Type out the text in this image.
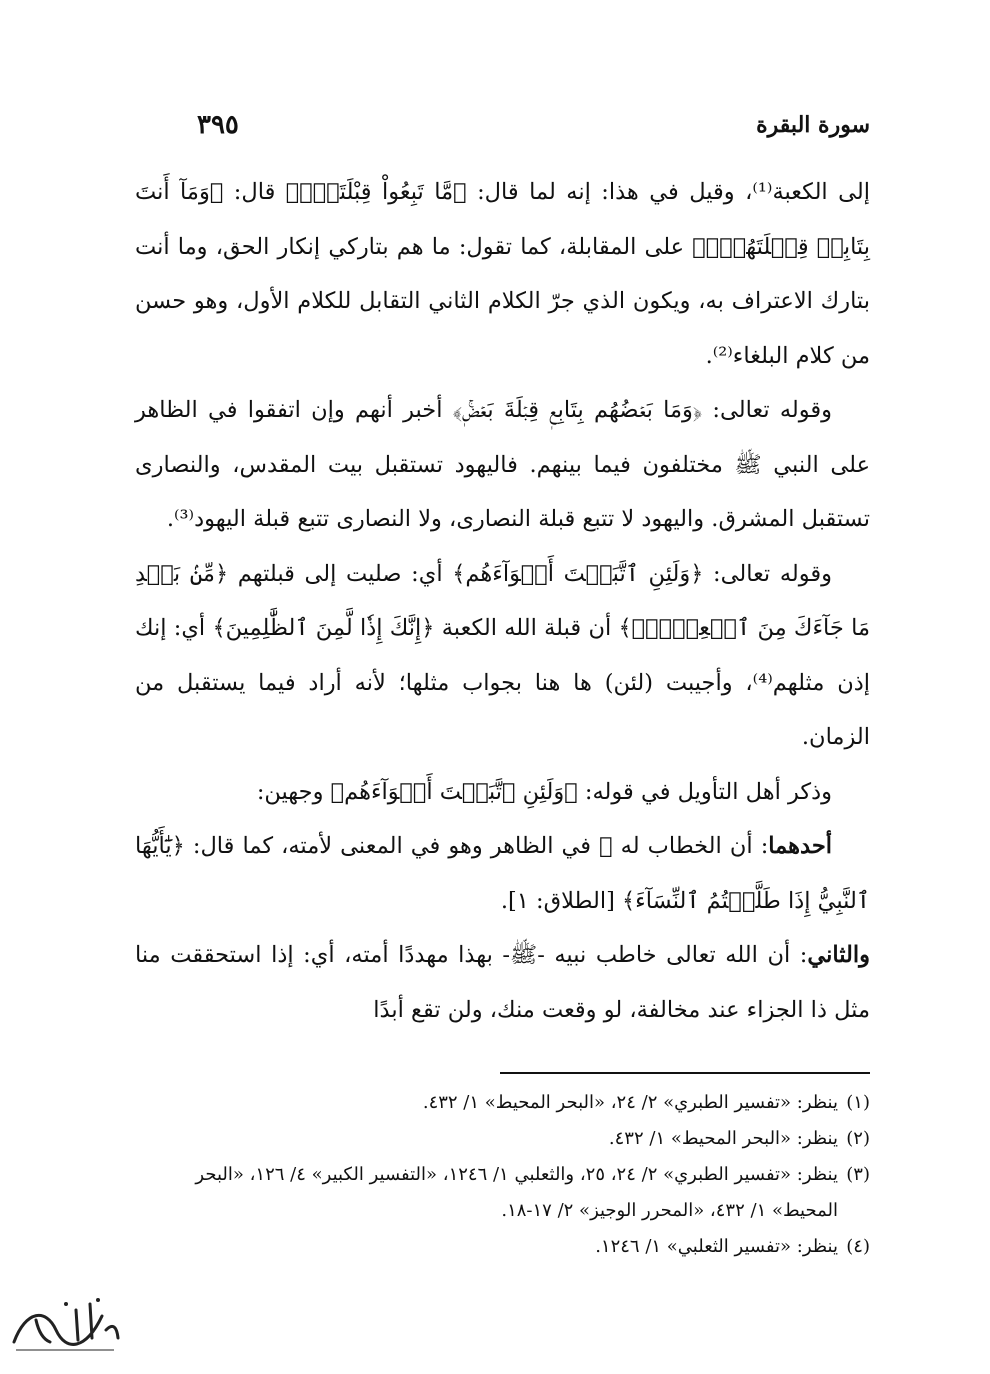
سورة البقرة
٣٩٥

إلى الكعبة⁽¹⁾، وقيل في هذا: إنه لما قال: ﴿مَّا تَبِعُواْ قِبْلَتَكَۚ﴾ قال: ﴿وَمَآ أَنتَ بِتَابِعٖ قِبۡلَتَهُمۡۚ﴾ على المقابلة، كما تقول: ما هم بتاركي إنكار الحق، وما أنت بتارك الاعتراف به، ويكون الذي جرّ الكلام الثاني التقابل للكلام الأول، وهو حسن من كلام البلغاء⁽²⁾.

وقوله تعالى: ﴿وَمَا بَعۡضُهُم بِتَابِعٖ قِبۡلَةَ بَعۡضٖۚ﴾ أخبر أنهم وإن اتفقوا في الظاهر على النبي ﷺ مختلفون فيما بينهم. فاليهود تستقبل بيت المقدس، والنصارى تستقبل المشرق. واليهود لا تتبع قبلة النصارى، ولا النصارى تتبع قبلة اليهود⁽³⁾.

وقوله تعالى: ﴿وَلَئِنِ ٱتَّبَعۡتَ أَهۡوَآءَهُم﴾ أي: صليت إلى قبلتهم ﴿مِّنۢ بَعۡدِ مَا جَآءَكَ مِنَ ٱلۡعِلۡمِۙ﴾ أن قبلة الله الكعبة ﴿إِنَّكَ إِذٗا لَّمِنَ ٱلظَّٰلِمِينَ﴾ أي: إنك إذن مثلهم⁽⁴⁾، وأجيبت (لئن) ها هنا بجواب مثلها؛ لأنه أراد فيما يستقبل من الزمان.

وذكر أهل التأويل في قوله: ﴿وَلَئِنِ ٱتَّبَعۡتَ أَهۡوَآءَهُم﴾ وجهين:

أحدهما: أن الخطاب له ﷺ في الظاهر وهو في المعنى لأمته، كما قال: ﴿يَٰٓأَيُّهَا ٱلنَّبِيُّ إِذَا طَلَّقۡتُمُ ٱلنِّسَآءَ﴾ [الطلاق: ١].

والثاني: أن الله تعالى خاطب نبيه -ﷺ- بهذا مهددًا أمته، أي: إذا استحققت منا مثل ذا الجزاء عند مخالفة، لو وقعت منك، ولن تقع أبدًا

(١)
ينظر: «تفسير الطبري» ٢/ ٢٤، «البحر المحيط» ١/ ٤٣٢.
(٢)
ينظر: «البحر المحيط» ١/ ٤٣٢.
(٣)
ينظر: «تفسير الطبري» ٢/ ٢٤، ٢٥، والثعلبي ١/ ١٢٤٦، «التفسير الكبير» ٤/ ١٢٦، «البحر المحيط» ١/ ٤٣٢، «المحرر الوجيز» ٢/ ١٧-١٨.
(٤)
ينظر: «تفسير الثعلبي» ١/ ١٢٤٦.
